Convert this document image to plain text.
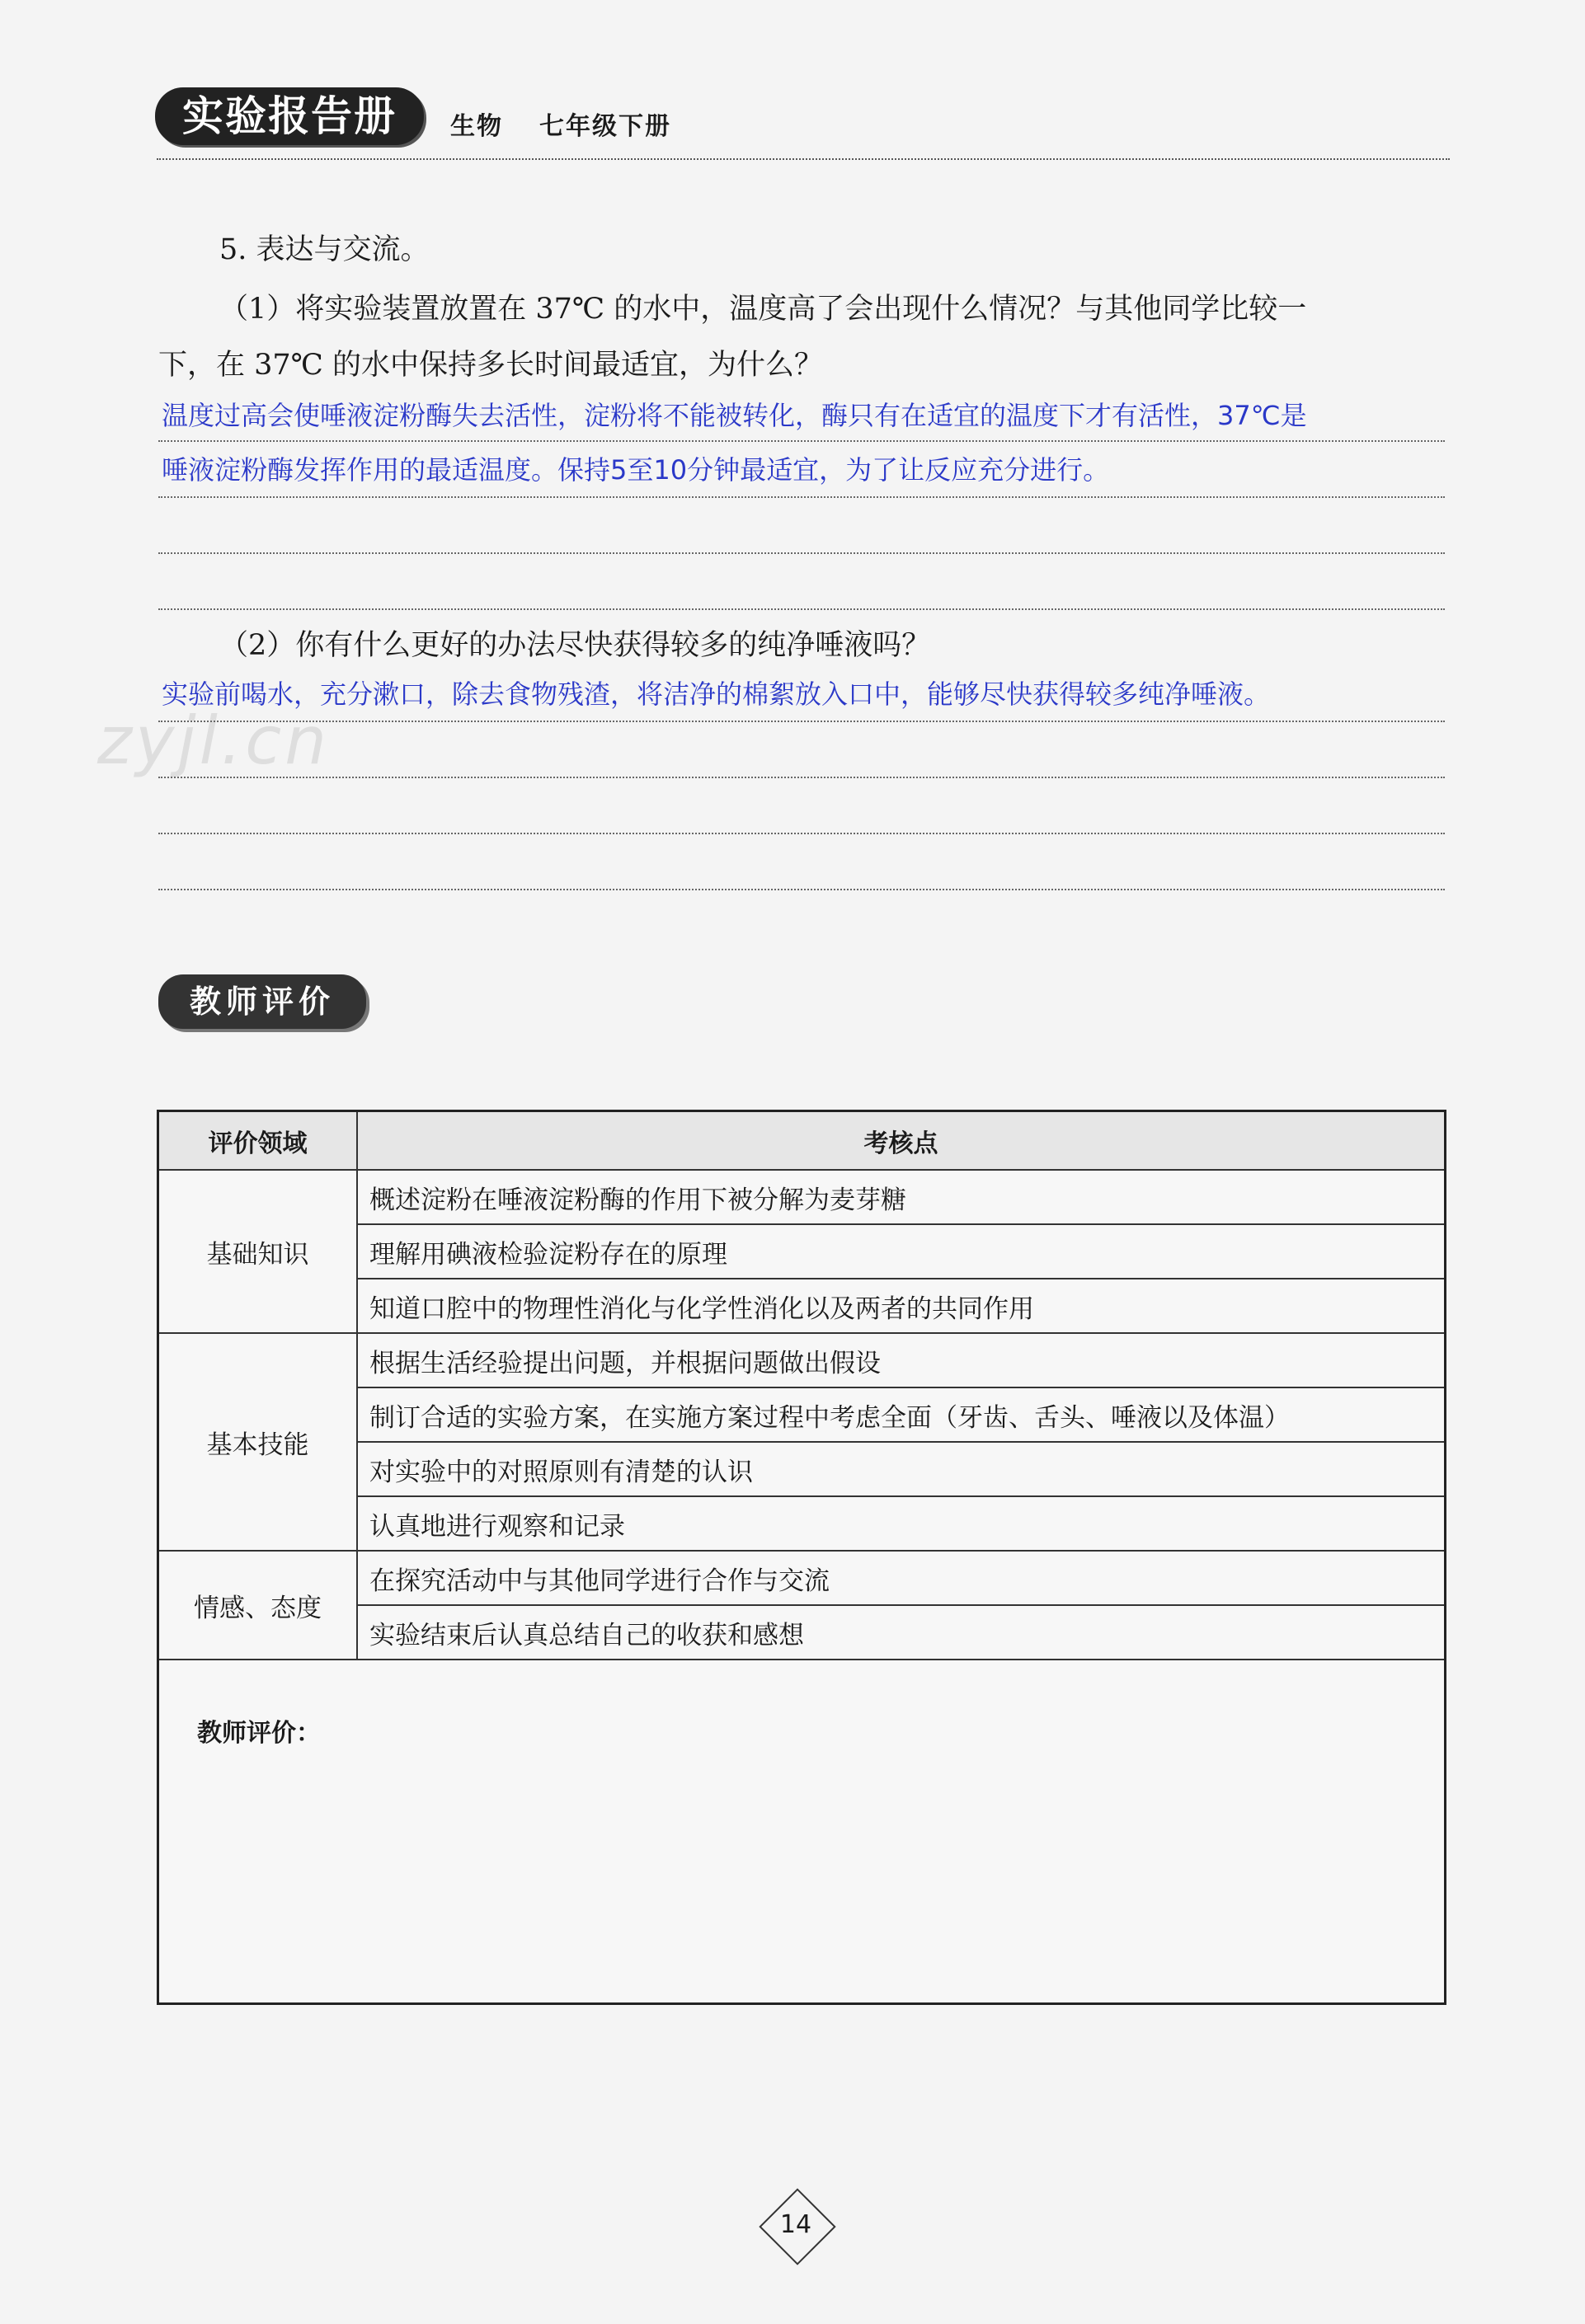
实验报告册	生物 七年级下册
5. 表达与交流。
（1）将实验装置放置在 37℃ 的水中，温度高了会出现什么情况？与其他同学比较一
下，在 37℃ 的水中保持多长时间最适宜，为什么？
温度过高会使唾液淀粉酶失去活性，淀粉将不能被转化，酶只有在适宜的温度下才有活性，37℃是
唾液淀粉酶发挥作用的最适温度。保持5至10分钟最适宜，为了让反应充分进行。
（2）你有什么更好的办法尽快获得较多的纯净唾液吗？
实验前喝水，充分漱口，除去食物残渣，将洁净的棉絮放入口中，能够尽快获得较多纯净唾液。
zyjl.cn
教师评价
评价领域	考核点
基础知识	概述淀粉在唾液淀粉酶的作用下被分解为麦芽糖
	理解用碘液检验淀粉存在的原理
	知道口腔中的物理性消化与化学性消化以及两者的共同作用
基本技能	根据生活经验提出问题，并根据问题做出假设
	制订合适的实验方案，在实施方案过程中考虑全面（牙齿、舌头、唾液以及体温）
	对实验中的对照原则有清楚的认识
	认真地进行观察和记录
情感、态度	在探究活动中与其他同学进行合作与交流
	实验结束后认真总结自己的收获和感想
教师评价：
14
